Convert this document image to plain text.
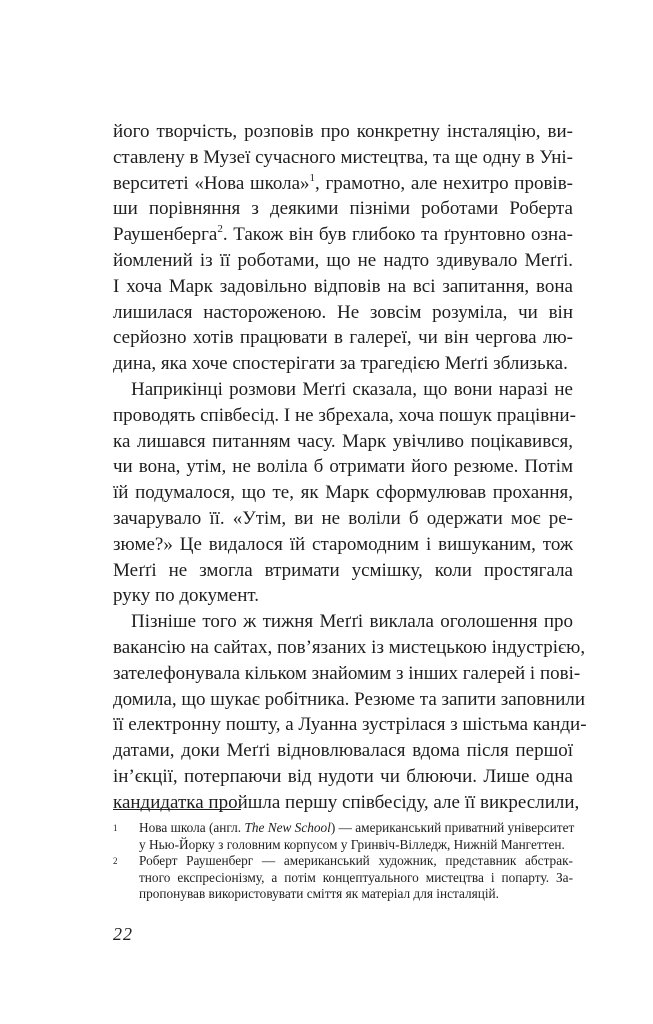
його творчість, розповів про конкретну інсталяцію, ви-
ставлену в Музеї сучасного мистецтва, та ще одну в Уні-
верситеті «Нова школа»$^1$, грамотно, але нехитро провів-
ши порівняння з деякими пізніми роботами Роберта
Раушенберга$^2$. Також він був глибоко та ґрунтовно озна-
йомлений із її роботами, що не надто здивувало Меґґі.
І хоча Марк задовільно відповів на всі запитання, вона
лишилася настороженою. Не зовсім розуміла, чи він
серйозно хотів працювати в галереї, чи він чергова лю-
дина, яка хоче спостерігати за трагедією Меґґі зблизька.
Наприкінці розмови Меґґі сказала, що вони наразі не
проводять співбесід. І не збрехала, хоча пошук працівни-
ка лишався питанням часу. Марк увічливо поцікавився,
чи вона, утім, не воліла б отримати його резюме. Потім
їй подумалося, що те, як Марк сформулював прохання,
зачарувало її. «Утім, ви не воліли б одержати моє ре-
зюме?» Це видалося їй старомодним і вишуканим, тож
Меґґі не змогла втримати усмішку, коли простягала
руку по документ.
Пізніше того ж тижня Меґґі виклала оголошення про
вакансію на сайтах, пов’язаних із мистецькою індустрією,
зателефонувала кільком знайомим з інших галерей і пові-
домила, що шукає робітника. Резюме та запити заповнили
її електронну пошту, а Луанна зустрілася з шістьма канди-
датами, доки Меґґі відновлювалася вдома після першої
ін’єкції, потерпаючи від нудоти чи блюючи. Лише одна
кандидатка пройшла першу співбесіду, але її викреслили,
1 Нова школа (англ. The New School) — американський приватний університет
у Нью-Йорку з головним корпусом у Гринвіч-Вілледж, Нижній Мангеттен.
2 Роберт Раушенберг — американський художник, представник абстрак-
тного експресіонізму, а потім концептуального мистецтва і попарту. За-
пропонував використовувати сміття як матеріал для інсталяцій.
22
